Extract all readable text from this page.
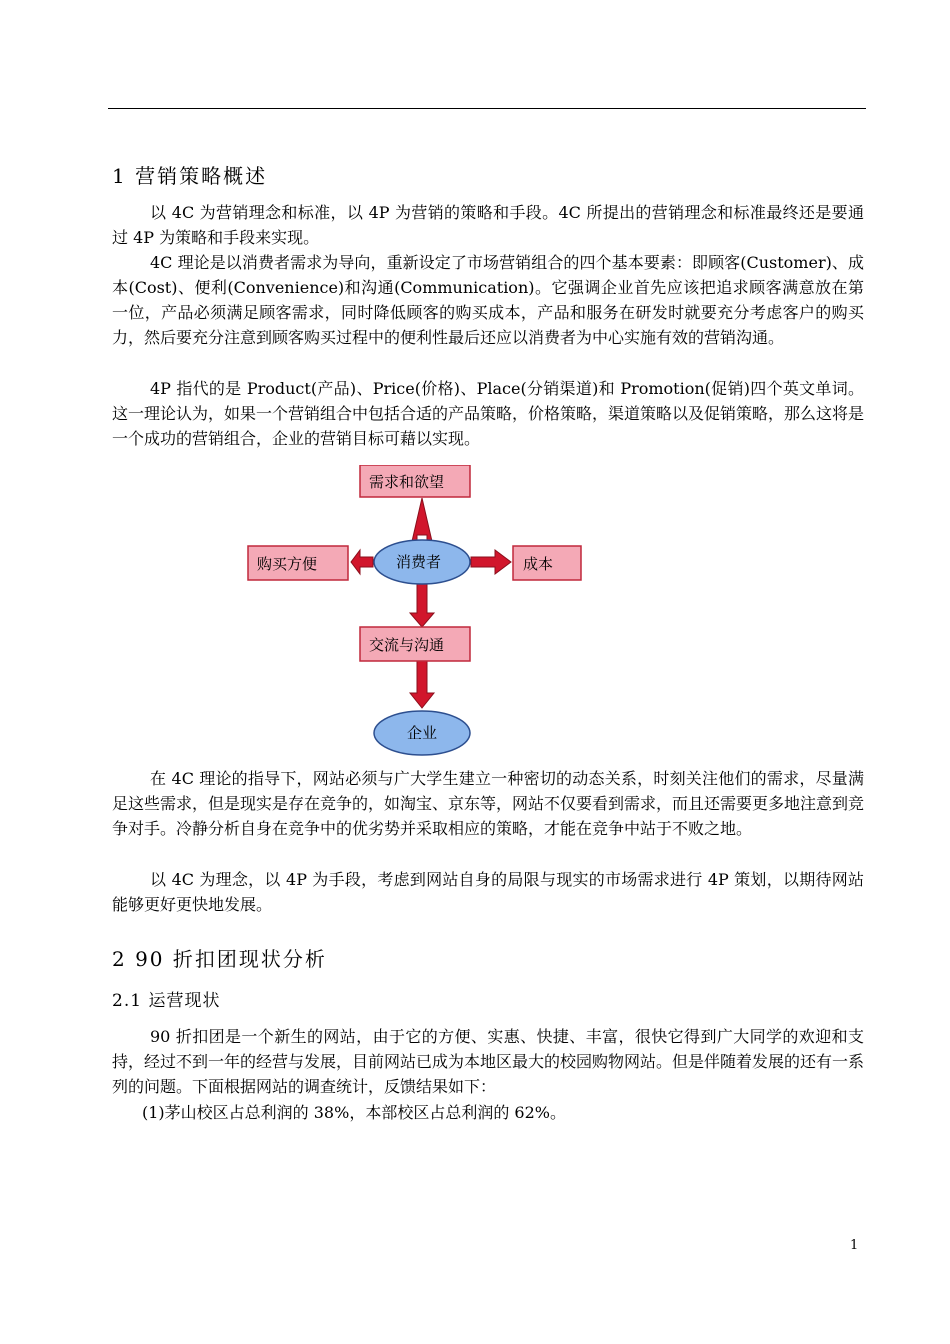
1 营销策略概述

以 4C 为营销理念和标准，以 4P 为营销的策略和手段。4C 所提出的营销理念和标准最终还是要通过 4P 为策略和手段来实现。

4C 理论是以消费者需求为导向，重新设定了市场营销组合的四个基本要素：即顾客(Customer)、成本(Cost)、便利(Convenience)和沟通(Communication)。它强调企业首先应该把追求顾客满意放在第一位，产品必须满足顾客需求，同时降低顾客的购买成本，产品和服务在研发时就要充分考虑客户的购买力，然后要充分注意到顾客购买过程中的便利性最后还应以消费者为中心实施有效的营销沟通。

4P 指代的是 Product(产品)、Price(价格)、Place(分销渠道)和 Promotion(促销)四个英文单词。这一理论认为，如果一个营销组合中包括合适的产品策略，价格策略，渠道策略以及促销策略，那么这将是一个成功的营销组合，企业的营销目标可藉以实现。

需求和欲望
购买方便	消费者	成本
交流与沟通
企业

在 4C 理论的指导下，网站必须与广大学生建立一种密切的动态关系，时刻关注他们的需求，尽量满足这些需求，但是现实是存在竞争的，如淘宝、京东等，网站不仅要看到需求，而且还需要更多地注意到竞争对手。冷静分析自身在竞争中的优劣势并采取相应的策略，才能在竞争中站于不败之地。

以 4C 为理念，以 4P 为手段，考虑到网站自身的局限与现实的市场需求进行 4P 策划，以期待网站能够更好更快地发展。

2 90 折扣团现状分析
2.1 运营现状

90 折扣团是一个新生的网站，由于它的方便、实惠、快捷、丰富，很快它得到广大同学的欢迎和支持，经过不到一年的经营与发展，目前网站已成为本地区最大的校园购物网站。但是伴随着发展的还有一系列的问题。下面根据网站的调查统计，反馈结果如下：

(1)茅山校区占总利润的 38%，本部校区占总利润的 62%。

1
